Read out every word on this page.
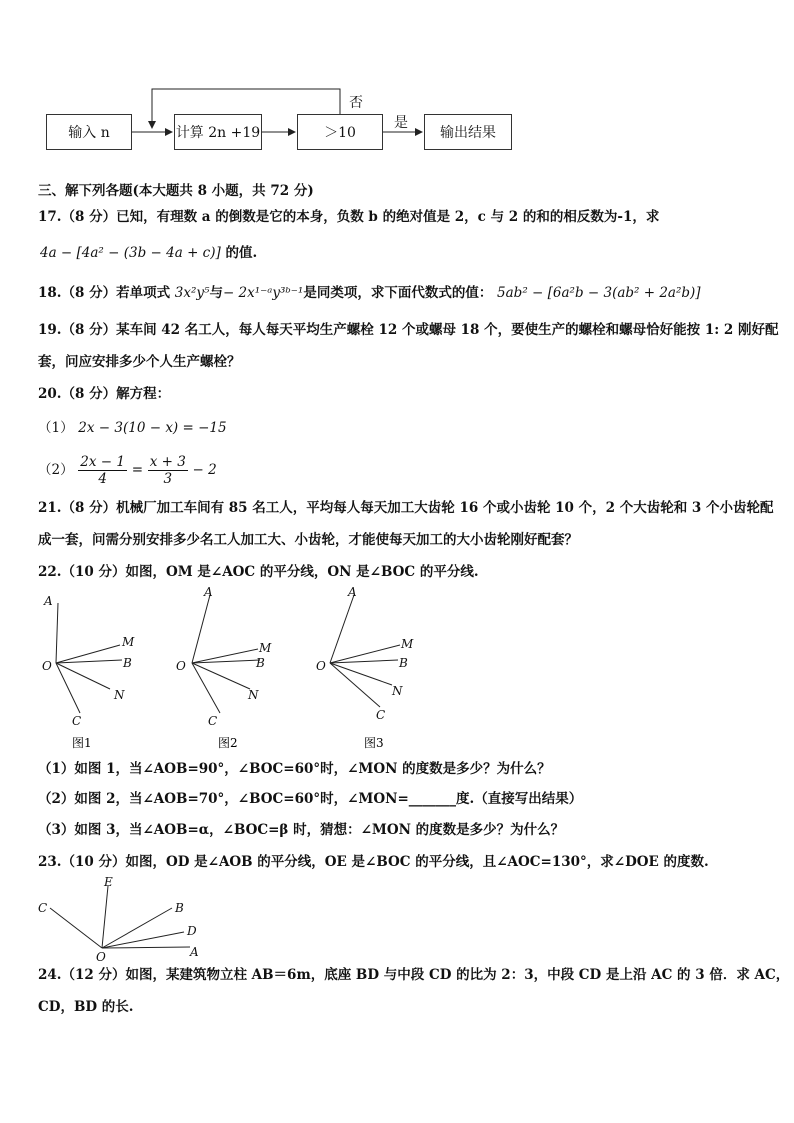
输入 n	计算 2n +19	＞10	输出结果
否
是
三、解下列各题(本大题共 8 小题，共 72 分)
17.（8 分）已知，有理数 a 的倒数是它的本身，负数 b 的绝对值是 2，c 与 2 的和的相反数为-1，求
4a − [4a² − (3b − 4a + c)] 的值.
18.（8 分）若单项式 3x²y⁵与− 2x¹⁻ᵃy³ᵇ⁻¹是同类项，求下面代数式的值： 5ab² − [6a²b − 3(ab² + 2a²b)]
19.（8 分）某车间 42 名工人，每人每天平均生产螺栓 12 个或螺母 18 个，要使生产的螺栓和螺母恰好能按 1: 2 刚好配
套，问应安排多少个人生产螺栓？
20.（8 分）解方程：
（1） 2x − 3(10 − x) = −15
$(2) \frac{2x - 1}{4} = \frac{x + 3}{3} - 2$
21.（8 分）机械厂加工车间有 85 名工人，平均每人每天加工大齿轮 16 个或小齿轮 10 个，2 个大齿轮和 3 个小齿轮配
成一套，问需分别安排多少名工人加工大、小齿轮，才能使每天加工的大小齿轮刚好配套？
22.（10 分）如图，OM 是∠AOC 的平分线，ON 是∠BOC 的平分线.
A
M
B
O
N
C
图1
A
M
B
O
N
C
图2
A
M
B
O
N
C
图3
（1）如图 1，当∠AOB=90°，∠BOC=60°时，∠MON 的度数是多少？为什么？
（2）如图 2，当∠AOB=70°，∠BOC=60°时，∠MON=_______度.（直接写出结果）
（3）如图 3，当∠AOB=α，∠BOC=β 时，猜想：∠MON 的度数是多少？为什么？
23.（10 分）如图，OD 是∠AOB 的平分线，OE 是∠BOC 的平分线，且∠AOC=130°，求∠DOE 的度数.
C
E
B
D
A
O
24.（12 分）如图，某建筑物立柱 AB＝6m，底座 BD 与中段 CD 的比为 2：3，中段 CD 是上沿 AC 的 3 倍．求 AC，
CD，BD 的长.
